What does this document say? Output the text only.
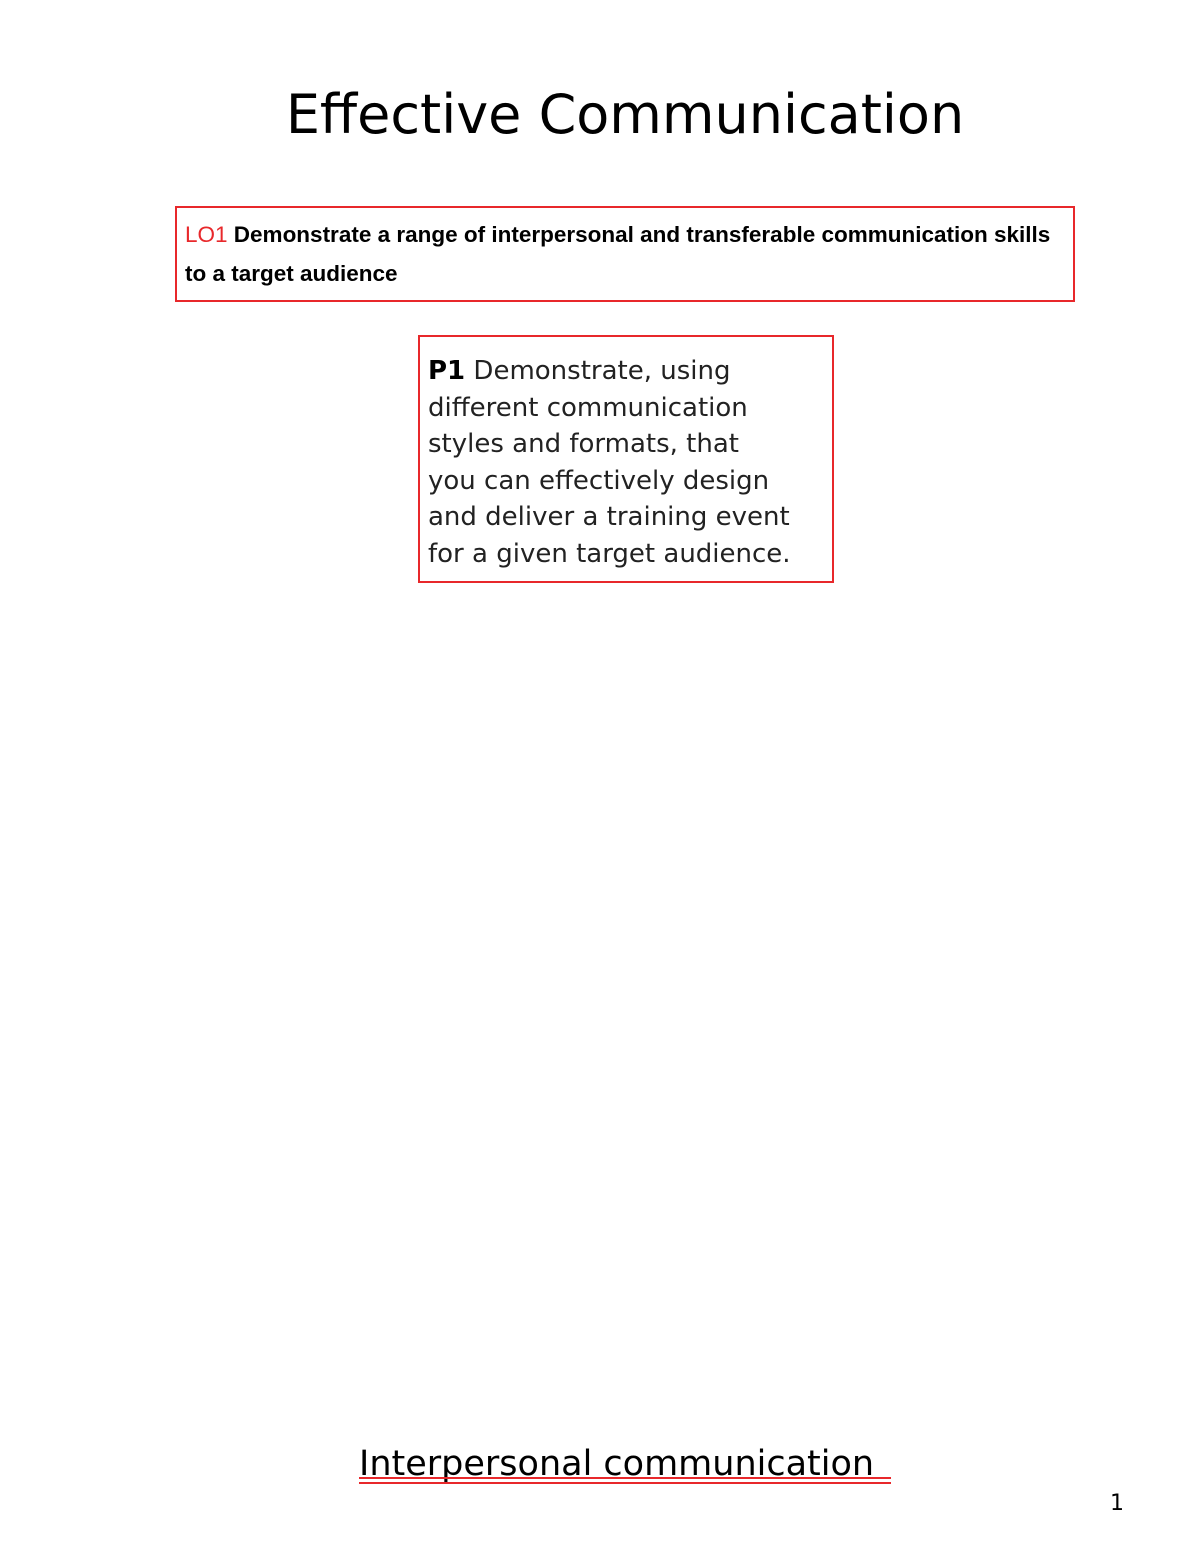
Effective Communication
LO1 Demonstrate a range of interpersonal and transferable communication skills to a target audience
P1 Demonstrate, using
different communication
styles and formats, that
you can effectively design
and deliver a training event
for a given target audience.
Interpersonal communication
1
